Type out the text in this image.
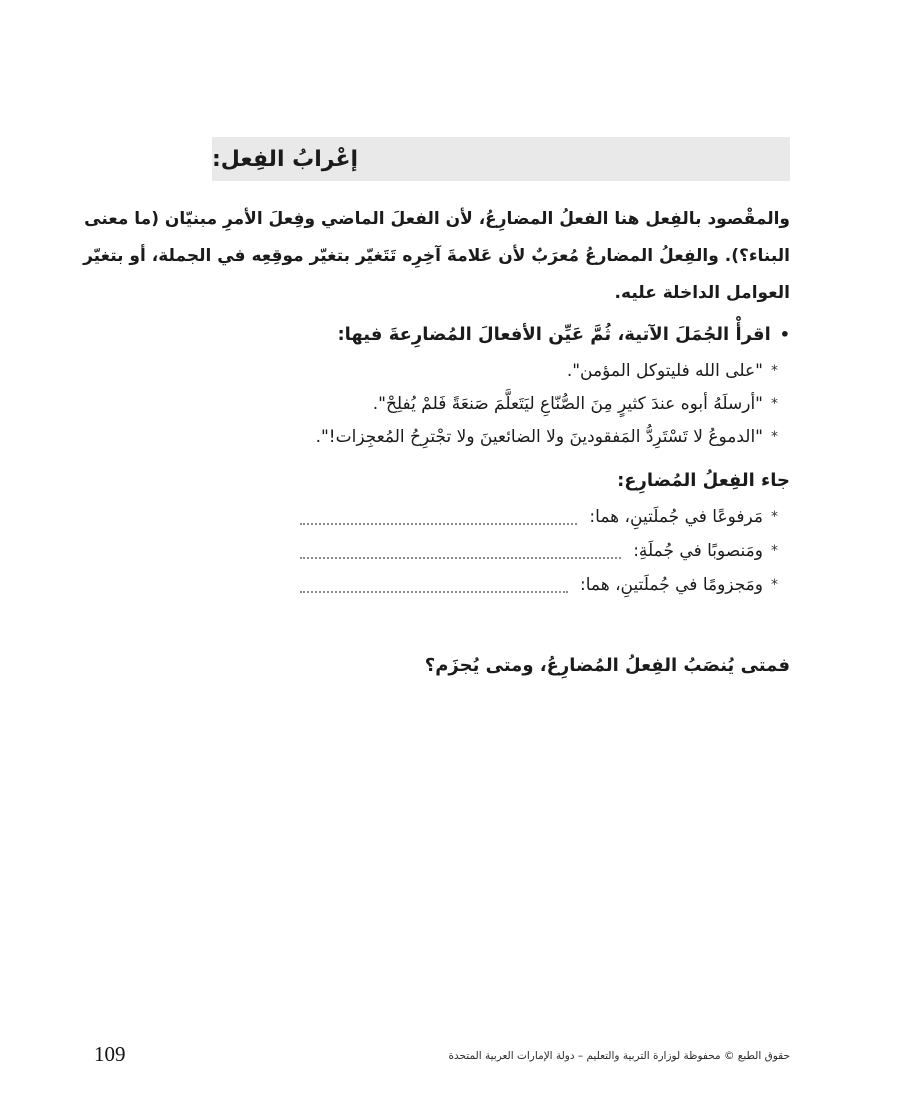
إعْرابُ الفِعل:
والمقْصود بالفِعل هنا الفعلُ المضارِعُ، لأن الفعلَ الماضي وفِعلَ الأمرِ مبنيّان (ما معنى
البناء؟). والفِعلُ المضارعُ مُعرَبٌ لأن عَلامةَ آخِرِه تَتَغيّر بتغيّر موقِعِه في الجملة، أو بتغيّر
العوامل الداخلة عليه.
•
اقرأْ الجُمَلَ الآتية، ثُمَّ عَيِّن الأفعالَ المُضارِعةَ فيها:
*
"على الله فليتوكل المؤمن".
*
"أرسلَهُ أبوه عندَ كثيرٍ مِنَ الصُّنّاعِ ليَتَعلَّمَ صَنعَةً فَلمْ يُفلِحْ".
*
"الدموعُ لا تَسْتَرِدُّ المَفقودينَ ولا الضائعينَ ولا تجْترِحُ المُعجِزات!".
جاء الفِعلُ المُضارِع:
*
مَرفوعًا في جُملَتينِ، هما:
*
ومَنصوبًا في جُملَةِ:
*
ومَجزومًا في جُملَتينِ، هما:
فمتى يُنصَبُ الفِعلُ المُضارِعُ، ومتى يُجزَم؟
109	حقوق الطبع © محفوظة لوزارة التربية والتعليم – دولة الإمارات العربية المتحدة
